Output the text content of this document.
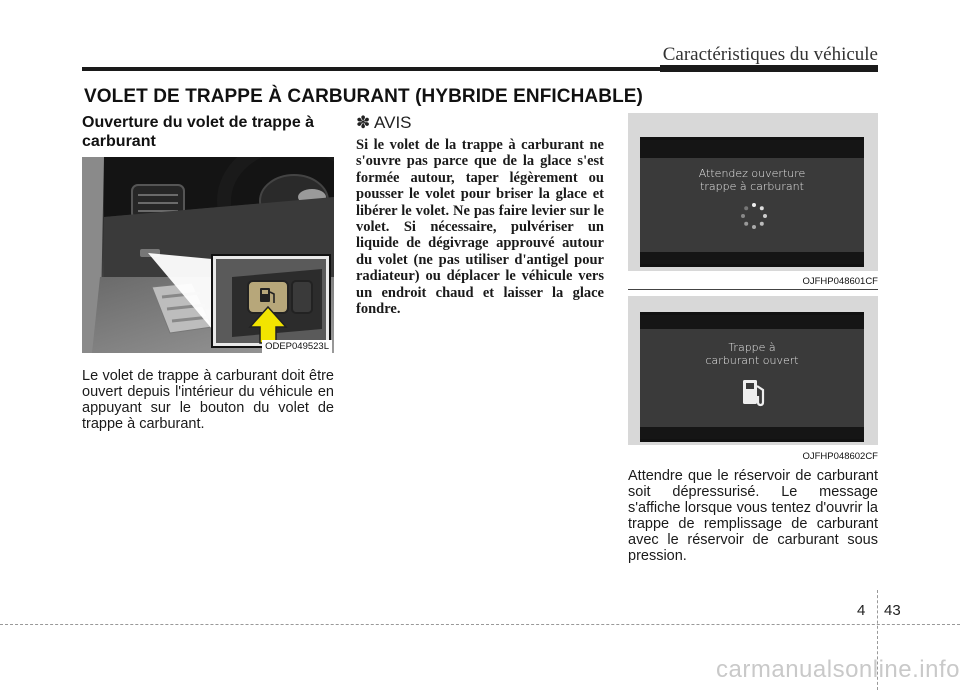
Caractéristiques du véhicule
VOLET DE TRAPPE À CARBURANT (HYBRIDE ENFICHABLE)
Ouverture du volet de trappe à carburant
ODEP049523L
Le volet de trappe à carburant doit être ouvert depuis l'intérieur du véhicule en appuyant sur le bouton du volet de trappe à carburant.
✽ AVIS
Si le volet de la trappe à carburant ne s'ouvre pas parce que de la glace s'est formée autour, taper légèrement ou pousser le volet pour briser la glace et libérer le volet. Ne pas faire levier sur le volet. Si nécessaire, pulvériser un liquide de dégivrage approuvé autour du volet (ne pas utiliser d'antigel pour radiateur) ou déplacer le véhicule vers un endroit chaud et laisser la glace fondre.
Attendez ouverture
trappe à carburant
OJFHP048601CF
Trappe à
carburant ouvert
OJFHP048602CF
Attendre que le réservoir de carburant soit dépressurisé. Le message s'affiche lorsque vous tentez d'ouvrir la trappe de remplissage de carburant avec le réservoir de carburant sous pression.
4 43
carmanualsonline.info
